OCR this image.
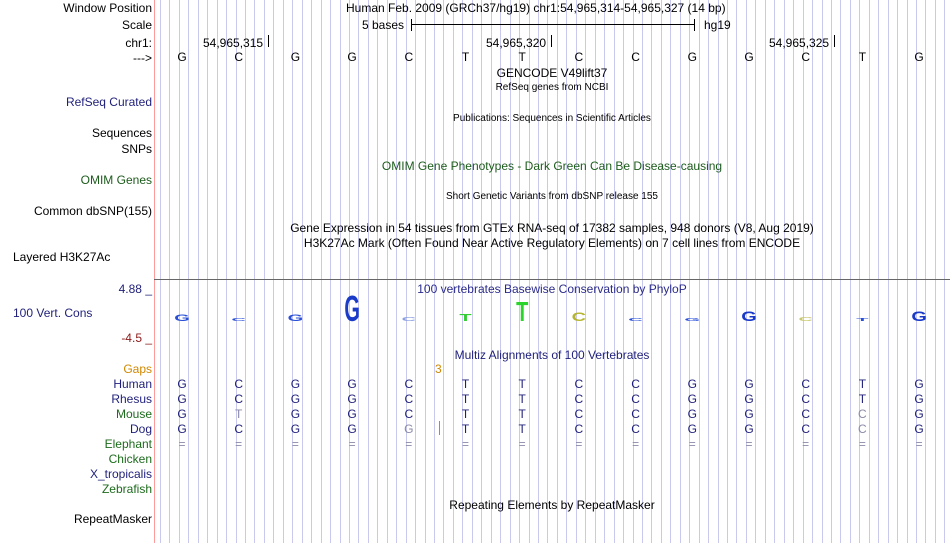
Window Position	Human Feb. 2009 (GRCh37/hg19) chr1:54,965,314-54,965,327 (14 bp)
Scale	5 bases	hg19
chr1:	54,965,315	54,965,320	54,965,325
---> G	C	G	G	C	T	T	C	C	G	G	C	T	G
GENCODE V49lift37
RefSeq genes from NCBI
RefSeq Curated
Publications: Sequences in Scientific Articles
Sequences
SNPs
OMIM Gene Phenotypes - Dark Green Can Be Disease-causing
OMIM Genes
Short Genetic Variants from dbSNP release 155
Common dbSNP(155)
Gene Expression in 54 tissues from GTEx RNA-seq of 17382 samples, 948 donors (V8, Aug 2019)
H3K27Ac Mark (Often Found Near Active Regulatory Elements) on 7 cell lines from ENCODE
Layered H3K27Ac
4.88 _	100 vertebrates Basewise Conservation by PhyloP
100 Vert. Cons	G C G G C T T C C G G C T G
-4.5 _
Multiz Alignments of 100 Vertebrates
Gaps	3
Human G	C	G	G	C	T	T	C	C	G	G	C	T	G
Rhesus G	C	G	G	C	T	T	C	C	G	G	C	T	G
Mouse G	T	G	G	C	T	T	C	C	G	G	C	C	G
Dog G	C	G	G	G	T	T	C	C	G	G	C	C	G
Elephant	=	=	=	=	=	=	=	=	=	=	=	=	=	=
Chicken
X_tropicalis
Zebrafish
Repeating Elements by RepeatMasker
RepeatMasker
